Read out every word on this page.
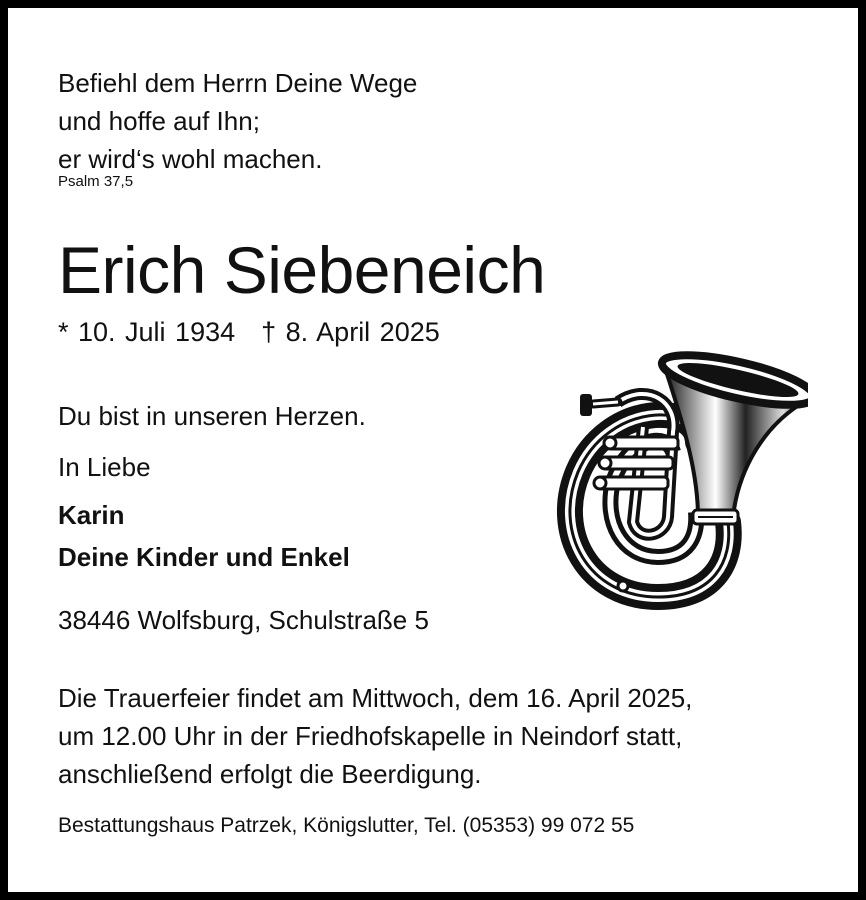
Befiehl dem Herrn Deine Wege
und hoffe auf Ihn;
er wird‘s wohl machen.
Psalm 37,5
Erich Siebeneich
* 10. Juli 1934 † 8. April 2025
Du bist in unseren Herzen.
In Liebe
Karin
Deine Kinder und Enkel
38446 Wolfsburg, Schulstraße 5
Die Trauerfeier findet am Mittwoch, dem 16. April 2025,
um 12.00 Uhr in der Friedhofskapelle in Neindorf statt,
anschließend erfolgt die Beerdigung.
Bestattungshaus Patrzek, Königslutter, Tel. (05353) 99 072 55
